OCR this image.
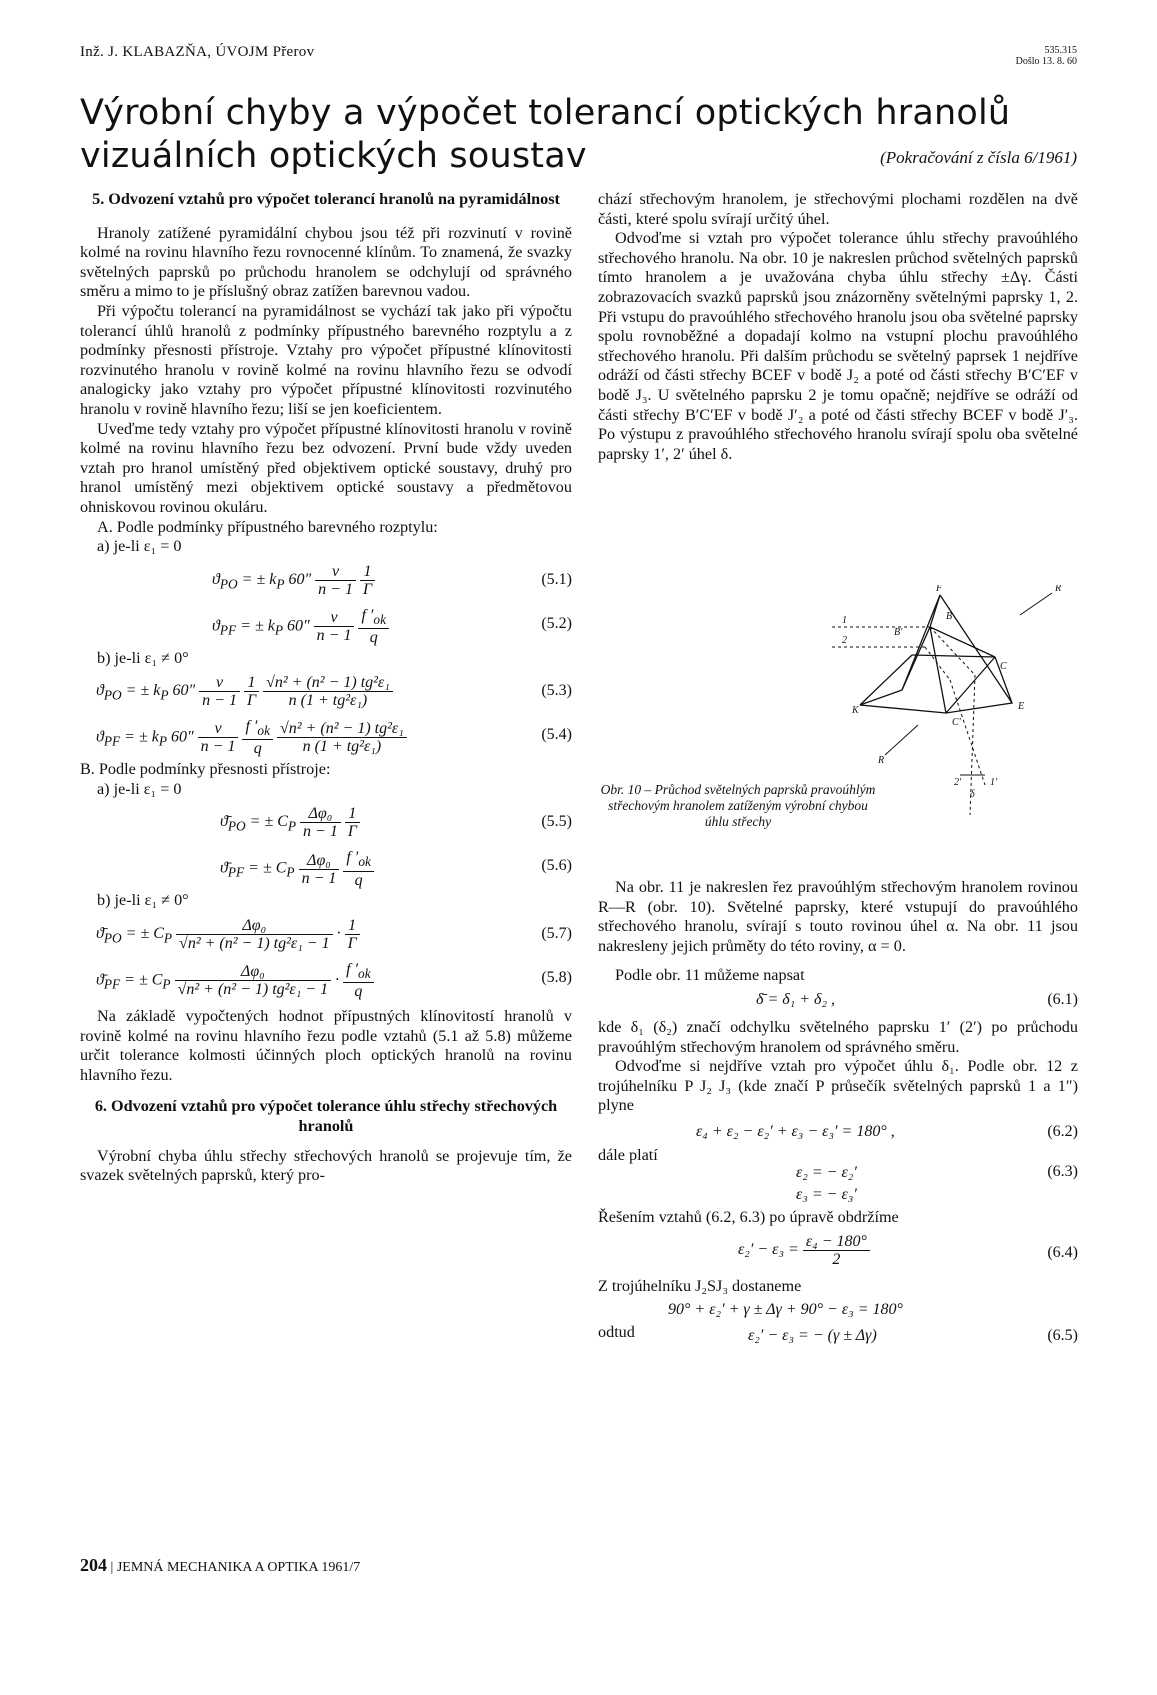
Inž. J. KLABAZŇA, ÚVOJM Přerov	535.315
Došlo 13. 8. 60
Výrobní chyby a výpočet tolerancí optických hranolů vizuálních optických soustav	(Pokračování z čísla 6/1961)
5. Odvození vztahů pro výpočet tolerancí hranolů na pyramidálnost

Hranoly zatížené pyramidální chybou jsou též při rozvinutí v rovině kolmé na rovinu hlavního řezu rovnocenné klínům. To znamená, že svazky světelných paprsků po průchodu hranolem se odchylují od správného směru a mimo to je příslušný obraz zatížen barevnou vadou.

Při výpočtu tolerancí na pyramidálnost se vychází tak jako při výpočtu tolerancí úhlů hranolů z podmínky přípustného barevného rozptylu a z podmínky přesnosti přístroje. Vztahy pro výpočet přípustné klínovitosti rozvinutého hranolu v rovině kolmé na rovinu hlavního řezu se odvodí analogicky jako vztahy pro výpočet přípustné klínovitosti rozvinutého hranolu v rovině hlavního řezu; liší se jen koeficientem.

Uveďme tedy vztahy pro výpočet přípustné klínovitosti hranolu v rovině kolmé na rovinu hlavního řezu bez odvození. První bude vždy uveden vztah pro hranol umístěný před objektivem optické soustavy, druhý pro hranol umístěný mezi objektivem optické soustavy a předmětovou ohniskovou rovinou okuláru.

A. Podle podmínky přípustného barevného rozptylu:

a) je-li ε₁ = 0

$ϑ_{PO}$ = ± $k_P$ $60'' \frac{\nu}{n - 1}$
$\frac{1}{\Gamma}$	(5.1)
$ϑ_{PF}$ = ± $k_P$ $60'' \frac{\nu}{n - 1}$
$\frac{f '_{ok}}{q}$	(5.2)

b) je-li ε₁ ≠ 0°

$ϑ_{PO}$ = ± $k_P$ $60'' \frac{\nu}{n - 1}$
$\frac{1}{\Gamma}$
$\frac{\text{√n² + (n² − 1) tg²ε₁}}{\text{n (1 + tg²ε₁)}}$	(5.3)
$ϑ_{PF}$ = ± $k_P$ $60'' \frac{\nu}{n - 1}$
$\frac{f '_{ok}}{q}$
$\frac{\text{√n² + (n² − 1) tg²ε₁}}{\text{n (1 + tg²ε₁)}}$	(5.4)

B. Podle podmínky přesnosti přístroje:

a) je-li ε₁ = 0

$ϑ̄_{PO}$ = ± $C_P \frac{\text{Δφ₀}}{n - 1}$
$\frac{1}{\Gamma}$	(5.5)
$ϑ̄_{PF}$ = ± $C_P \frac{\text{Δφ₀}}{n - 1}$
$\frac{f '_{ok}}{q}$	(5.6)

b) je-li ε₁ ≠ 0°

$ϑ̄_{PO}$ = ± $C_P \frac{\text{Δφ₀}}{\text{√n² + (n² − 1) tg²ε₁ − 1}} \cdot \frac{1}{\Gamma}$	(5.7)
$ϑ̄_{PF}$ = ± $C_P \frac{\text{Δφ₀}}{\text{√n² + (n² − 1) tg²ε₁ − 1}} \cdot \frac{f '_{ok}}{q}$	(5.8)

Na základě vypočtených hodnot přípustných klínovitostí hranolů v rovině kolmé na rovinu hlavního řezu podle vztahů (5.1 až 5.8) můžeme určit tolerance kolmosti účinných ploch optických hranolů na rovinu hlavního řezu.

6. Odvození vztahů pro výpočet tolerance úhlu střechy střechových hranolů

Výrobní chyba úhlu střechy střechových hranolů se projevuje tím, že svazek světelných paprsků, který pro-

chází střechovým hranolem, je střechovými plochami rozdělen na dvě části, které spolu svírají určitý úhel.

Odvoďme si vztah pro výpočet tolerance úhlu střechy pravoúhlého střechového hranolu. Na obr. 10 je nakreslen průchod světelných paprsků tímto hranolem a je uvažována chyba úhlu střechy ±Δγ. Části zobrazovacích svazků paprsků jsou znázorněny světelnými paprsky 1, 2. Při vstupu do pravoúhlého střechového hranolu jsou oba světelné paprsky spolu rovnoběžné a dopadají kolmo na vstupní plochu pravoúhlého střechového hranolu. Při dalším průchodu se světelný paprsek 1 nejdříve odráží od části střechy BCEF v bodě J₂ a poté od části střechy B′C′EF v bodě J₃. U světelného paprsku 2 je tomu opačně; nejdříve se odráží od části střechy B′C′EF v bodě J′₂ a poté od části střechy BCEF v bodě J′₃. Po výstupu z pravoúhlého střechového hranolu svírají spolu oba světelné paprsky 1′, 2′ úhel δ.

F
B
B′
C
C′
E
K
R
R
1
2
2′	1′
δ
Obr. 10 – Průchod světelných paprsků pravoúhlým střechovým hranolem zatíženým výrobní chybou úhlu střechy

Na obr. 11 je nakreslen řez pravoúhlým střechovým hranolem rovinou R—R (obr. 10). Světelné paprsky, které vstupují do pravoúhlého střechového hranolu, svírají s touto rovinou úhel α. Na obr. 11 jsou nakresleny jejich průměty do této roviny, α = 0.

Podle obr. 11 můžeme napsat

δ̄ = δ₁ + δ₂ ,	(6.1)

kde δ₁ (δ₂) značí odchylku světelného paprsku 1′ (2′) po průchodu pravoúhlým střechovým hranolem od správného směru.

Odvoďme si nejdříve vztah pro výpočet úhlu δ₁. Podle obr. 12 z trojúhelníku P J₂ J₃ (kde značí P průsečík světelných paprsků 1 a 1″) plyne

ε₄ + ε₂ − ε₂′ + ε₃ − ε₃′ = 180° ,	(6.2)

dále platí

ε₂ = − ε₂′
ε₃ = − ε₃′
(6.3)

Řešením vztahů (6.2, 6.3) po úpravě obdržíme

$\varepsilon_2' - \varepsilon_3 = \frac{\text{ε₄ − 180°}}{2}$	(6.4)

Z trojúhelníku J₂SJ₃ dostaneme

90° + ε₂′ + γ ± Δγ + 90° − ε₃ = 180°

odtud	ε₂′ − ε₃ = − (γ ± Δγ)	(6.5)
204 | JEMNÁ MECHANIKA A OPTIKA 1961/7
